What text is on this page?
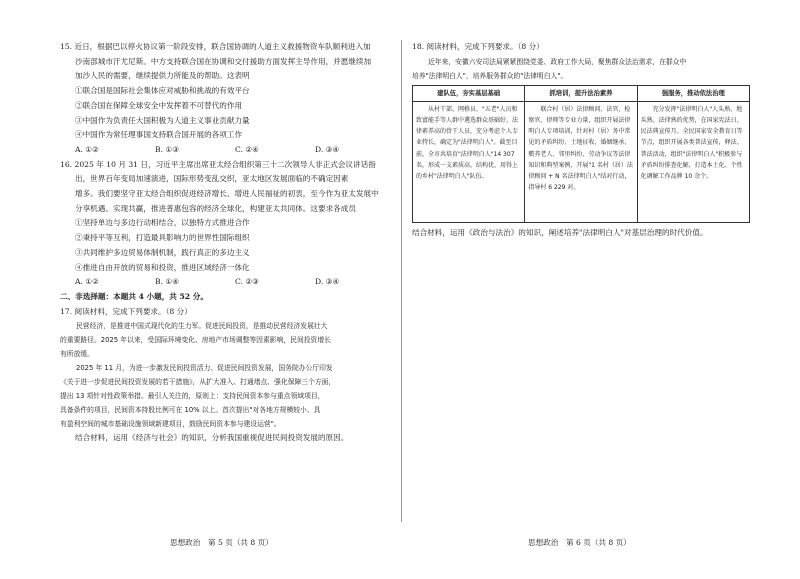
15. 近日，根据巴以停火协议第一阶段安排，联合国协调的人道主义救援物资车队顺利进入加

沙南部城市汗尤尼斯。中方支持联合国在协调和交付援助方面发挥主导作用，并愿继续加

加沙人民的需要，继续提供力所能及的帮助。这表明

①联合国是国际社会集体应对威胁和挑战的有效平台

②联合国在保障全球安全中发挥着不可替代的作用

③中国作为负责任大国积极为人道主义事业贡献力量

④中国作为常任理事国支持联合国开展的各项工作

A. ①②	B. ①③	C. ②④	D. ③④

16. 2025 年 10 月 31 日，习近平主席出席亚太经合组织第三十二次领导人非正式会议讲话指

出，世界百年变局加速演进，国际形势变乱交织，亚太地区发展面临的不确定因素

增多。我们要坚守亚太经合组织促进经济增长、增进人民福祉的初衷，至今作为亚太发展中

分享机遇、实现共赢，推进普惠包容的经济全球化，构建亚太共同体。这要求各成员

①坚持单边与多边行动相结合，以独特方式推进合作

②秉持平等互利，打造最具影响力的世界性国际组织

③共同维护多边贸易体制机制，践行真正的多边主义

④推进自由开放的贸易和投资，推进区域经济一体化

A. ①②	B. ①④	C. ②③	D. ③④

二、非选择题：本题共 4 小题，共 52 分。

17. 阅读材料，完成下列要求。（8 分）

民营经济，是推进中国式现代化的生力军。促进民间投资，是推动民营经济发展壮大

的重要路径。2025 年以来，受国际环境变化、房地产市场调整等因素影响，民间投资增长

有所放缓。

2025 年 11 月，为进一步激发民间投资活力、促进民间投资发展，国务院办公厅印发

《关于进一步促进民间投资发展的若干措施》，从扩大准入、打通堵点、强化保障三个方面，

提出 13 项针对性政策举措。最引人关注的，原则上：支持民间资本参与重点领域项目，

具备条件的项目，民间资本持股比例可在 10% 以上。首次提出"对各地方规模较小、具

有盈利空间的城市基础设施领域新建项目，鼓励民间资本参与建设运营"。

结合材料，运用《经济与社会》的知识，分析我国重视促进民间投资发展的原因。

18. 阅读材料，完成下列要求。（8 分）

近年来，安徽六安司法局紧紧围绕党委、政府工作大局，聚焦群众法治需求，在群众中

培养"法律明白人"，培养服务群众的"法律明白人"。

建队伍，夯实基层基础	抓培训，提升法治素养	强服务，推动依法治理
从村干部、网格员、"五老"人员和致富能手等人群中遴选群众基础好、法律素养高的骨干人员，充分考虑个人专业特长，确定为"法律明白人"。截至目前，全市共培育"法律明白人"14 307 名，形成一支素质高、结构优、用得上的乡村"法律明白人"队伍。	联合村（居）法律顾问、法官、检察官、律师等专业力量，组织开展法律明白人专项培训，针对村（居）务中常见的矛盾纠纷、土地征收、婚姻继承、赡养老人、邻里纠纷、劳动争议等法律知识和典型案例，开展"1 名村（居）法律顾问 + N 名法律明白人"结对行动，指导村 6 229 对。	充分发挥"法律明白人"人头熟、地头熟、法律熟的优势，在国家宪法日、民法典宣传月、全民国家安全教育日等节点，组织开展各类普法宣传，释法、普法活动，组织"法律明白人"积极参与矛盾纠纷排查化解，打造本土化、个性化调解工作品牌 10 余个。

结合材料，运用《政治与法治》的知识，阐述培养"法律明白人"对基层治理的时代价值。

思想政治　第 5 页（共 8 页）	思想政治　第 6 页（共 8 页）
